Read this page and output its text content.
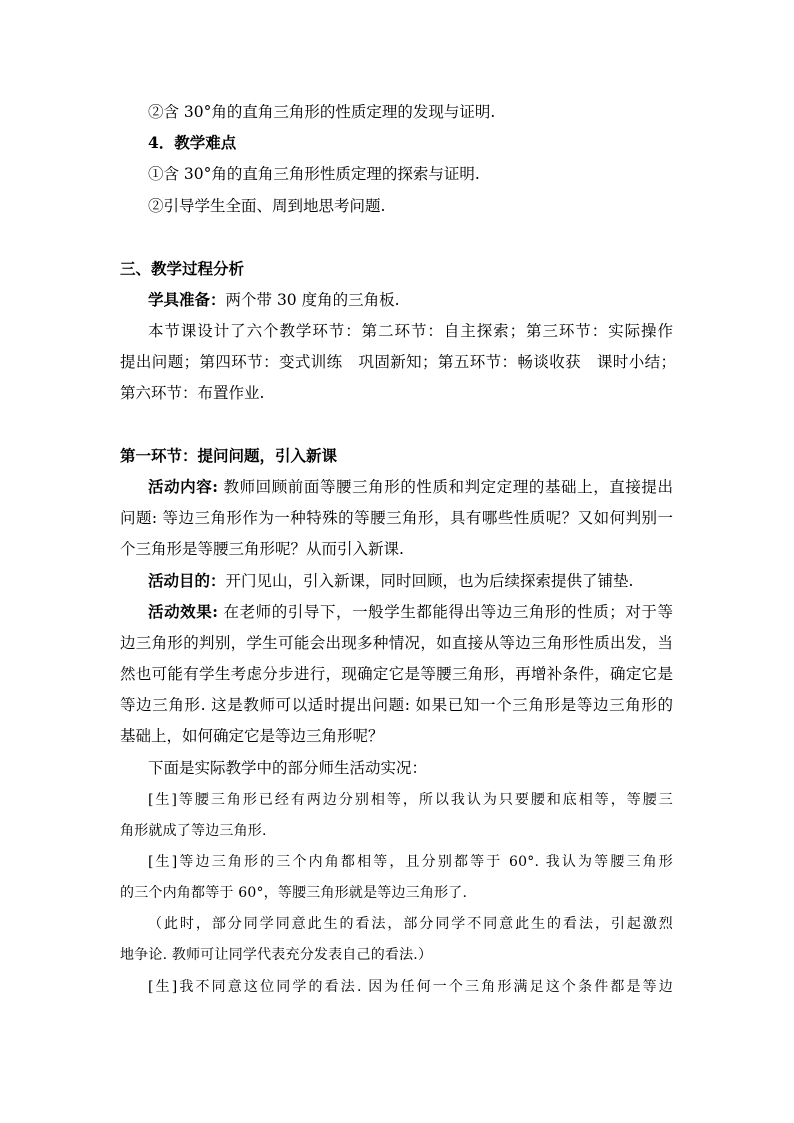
②含 30°角的直角三角形的性质定理的发现与证明.
4．教学难点
①含 30°角的直角三角形性质定理的探索与证明.
②引导学生全面、周到地思考问题.
三、教学过程分析
学具准备：两个带 30 度角的三角板.
本节课设计了六个教学环节：第二环节：自主探索；第三环节：实际操作
提出问题；第四环节：变式训练　巩固新知；第五环节：畅谈收获　课时小结；
第六环节：布置作业.
第一环节：提问问题，引入新课
活动内容: 教师回顾前面等腰三角形的性质和判定定理的基础上，直接提出
问题: 等边三角形作为一种特殊的等腰三角形，具有哪些性质呢？又如何判别一
个三角形是等腰三角形呢？从而引入新课.
活动目的：开门见山，引入新课，同时回顾，也为后续探索提供了铺垫.
活动效果: 在老师的引导下，一般学生都能得出等边三角形的性质；对于等
边三角形的判别，学生可能会出现多种情况，如直接从等边三角形性质出发，当
然也可能有学生考虑分步进行，现确定它是等腰三角形，再增补条件，确定它是
等边三角形. 这是教师可以适时提出问题: 如果已知一个三角形是等边三角形的
基础上，如何确定它是等边三角形呢？
下面是实际教学中的部分师生活动实况：
[生]等腰三角形已经有两边分别相等，所以我认为只要腰和底相等，等腰三
角形就成了等边三角形.
[生]等边三角形的三个内角都相等，且分别都等于 60°. 我认为等腰三角形
的三个内角都等于 60°，等腰三角形就是等边三角形了.
（此时，部分同学同意此生的看法，部分同学不同意此生的看法，引起激烈
地争论. 教师可让同学代表充分发表自己的看法.）
[生]我不同意这位同学的看法. 因为任何一个三角形满足这个条件都是等边
